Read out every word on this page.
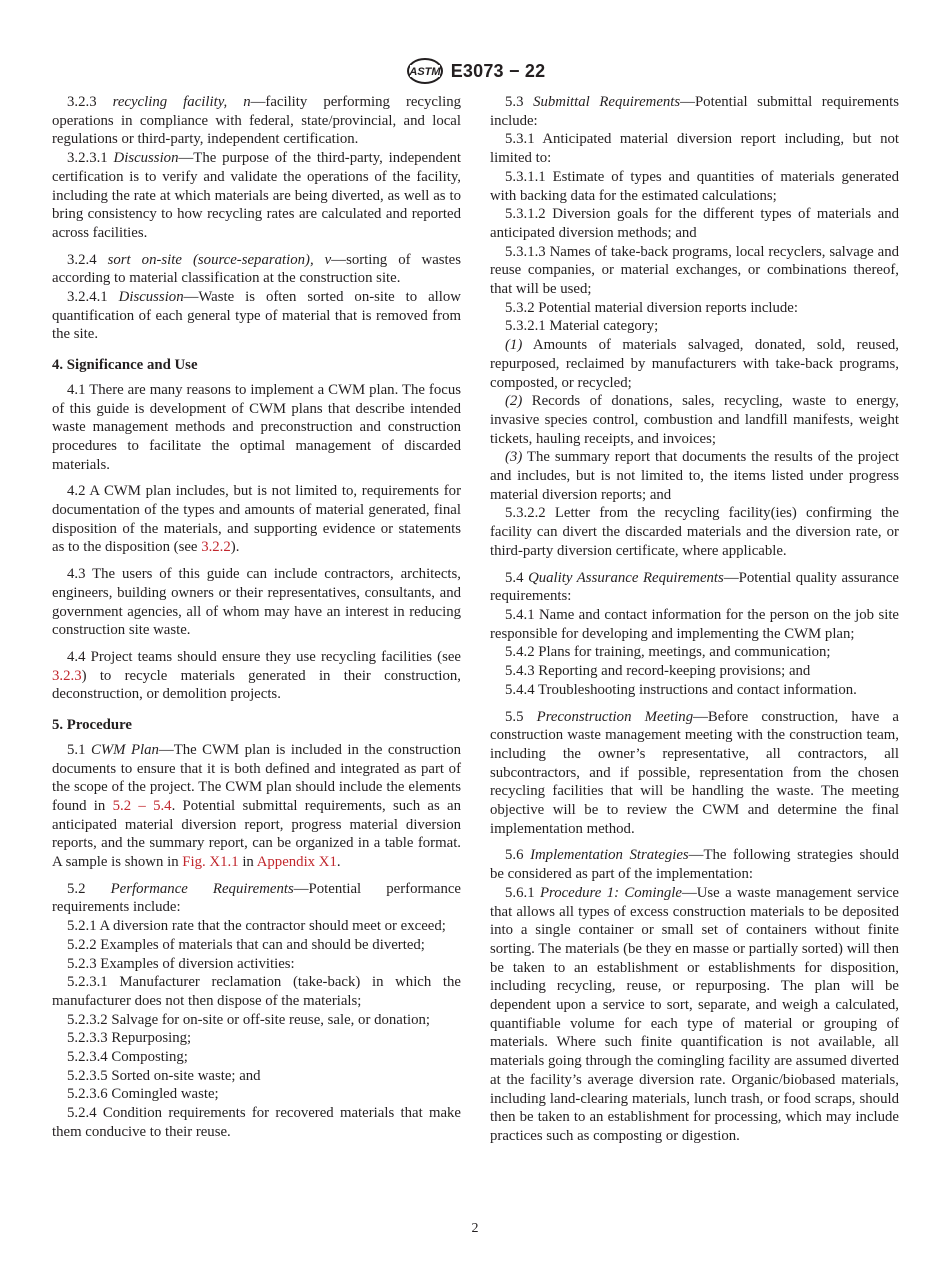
ASTM E3073 − 22

3.2.3 recycling facility, n—facility performing recycling operations in compliance with federal, state/provincial, and local regulations or third-party, independent certification.

3.2.3.1 Discussion—The purpose of the third-party, independent certification is to verify and validate the operations of the facility, including the rate at which materials are being diverted, as well as to bring consistency to how recycling rates are calculated and reported across facilities.

3.2.4 sort on-site (source-separation), v—sorting of wastes according to material classification at the construction site.

3.2.4.1 Discussion—Waste is often sorted on-site to allow quantification of each general type of material that is removed from the site.

4. Significance and Use

4.1 There are many reasons to implement a CWM plan. The focus of this guide is development of CWM plans that describe intended waste management methods and preconstruction and construction procedures to facilitate the optimal management of discarded materials.

4.2 A CWM plan includes, but is not limited to, requirements for documentation of the types and amounts of material generated, final disposition of the materials, and supporting evidence or statements as to the disposition (see 3.2.2).

4.3 The users of this guide can include contractors, architects, engineers, building owners or their representatives, consultants, and government agencies, all of whom may have an interest in reducing construction site waste.

4.4 Project teams should ensure they use recycling facilities (see 3.2.3) to recycle materials generated in their construction, deconstruction, or demolition projects.

5. Procedure

5.1 CWM Plan—The CWM plan is included in the construction documents to ensure that it is both defined and integrated as part of the scope of the project. The CWM plan should include the elements found in 5.2 – 5.4. Potential submittal requirements, such as an anticipated material diversion report, progress material diversion reports, and the summary report, can be organized in a table format. A sample is shown in Fig. X1.1 in Appendix X1.

5.2 Performance Requirements—Potential performance requirements include:

5.2.1 A diversion rate that the contractor should meet or exceed;

5.2.2 Examples of materials that can and should be diverted;

5.2.3 Examples of diversion activities:

5.2.3.1 Manufacturer reclamation (take-back) in which the manufacturer does not then dispose of the materials;

5.2.3.2 Salvage for on-site or off-site reuse, sale, or donation;

5.2.3.3 Repurposing;

5.2.3.4 Composting;

5.2.3.5 Sorted on-site waste; and

5.2.3.6 Comingled waste;

5.2.4 Condition requirements for recovered materials that make them conducive to their reuse.

5.3 Submittal Requirements—Potential submittal requirements include:

5.3.1 Anticipated material diversion report including, but not limited to:

5.3.1.1 Estimate of types and quantities of materials generated with backing data for the estimated calculations;

5.3.1.2 Diversion goals for the different types of materials and anticipated diversion methods; and

5.3.1.3 Names of take-back programs, local recyclers, salvage and reuse companies, or material exchanges, or combinations thereof, that will be used;

5.3.2 Potential material diversion reports include:

5.3.2.1 Material category;

(1) Amounts of materials salvaged, donated, sold, reused, repurposed, reclaimed by manufacturers with take-back programs, composted, or recycled;

(2) Records of donations, sales, recycling, waste to energy, invasive species control, combustion and landfill manifests, weight tickets, hauling receipts, and invoices;

(3) The summary report that documents the results of the project and includes, but is not limited to, the items listed under progress material diversion reports; and

5.3.2.2 Letter from the recycling facility(ies) confirming the facility can divert the discarded materials and the diversion rate, or third-party diversion certificate, where applicable.

5.4 Quality Assurance Requirements—Potential quality assurance requirements:

5.4.1 Name and contact information for the person on the job site responsible for developing and implementing the CWM plan;

5.4.2 Plans for training, meetings, and communication;

5.4.3 Reporting and record-keeping provisions; and

5.4.4 Troubleshooting instructions and contact information.

5.5 Preconstruction Meeting—Before construction, have a construction waste management meeting with the construction team, including the owner’s representative, all contractors, all subcontractors, and if possible, representation from the chosen recycling facilities that will be handling the waste. The meeting objective will be to review the CWM and determine the final implementation method.

5.6 Implementation Strategies—The following strategies should be considered as part of the implementation:

5.6.1 Procedure 1: Comingle—Use a waste management service that allows all types of excess construction materials to be deposited into a single container or small set of containers without finite sorting. The materials (be they en masse or partially sorted) will then be taken to an establishment or establishments for disposition, including recycling, reuse, or repurposing. The plan will be dependent upon a service to sort, separate, and weigh a calculated, quantifiable volume for each type of material or grouping of materials. Where such finite quantification is not available, all materials going through the comingling facility are assumed diverted at the facility’s average diversion rate. Organic/biobased materials, including land-clearing materials, lunch trash, or food scraps, should then be taken to an establishment for processing, which may include practices such as composting or digestion.

2
